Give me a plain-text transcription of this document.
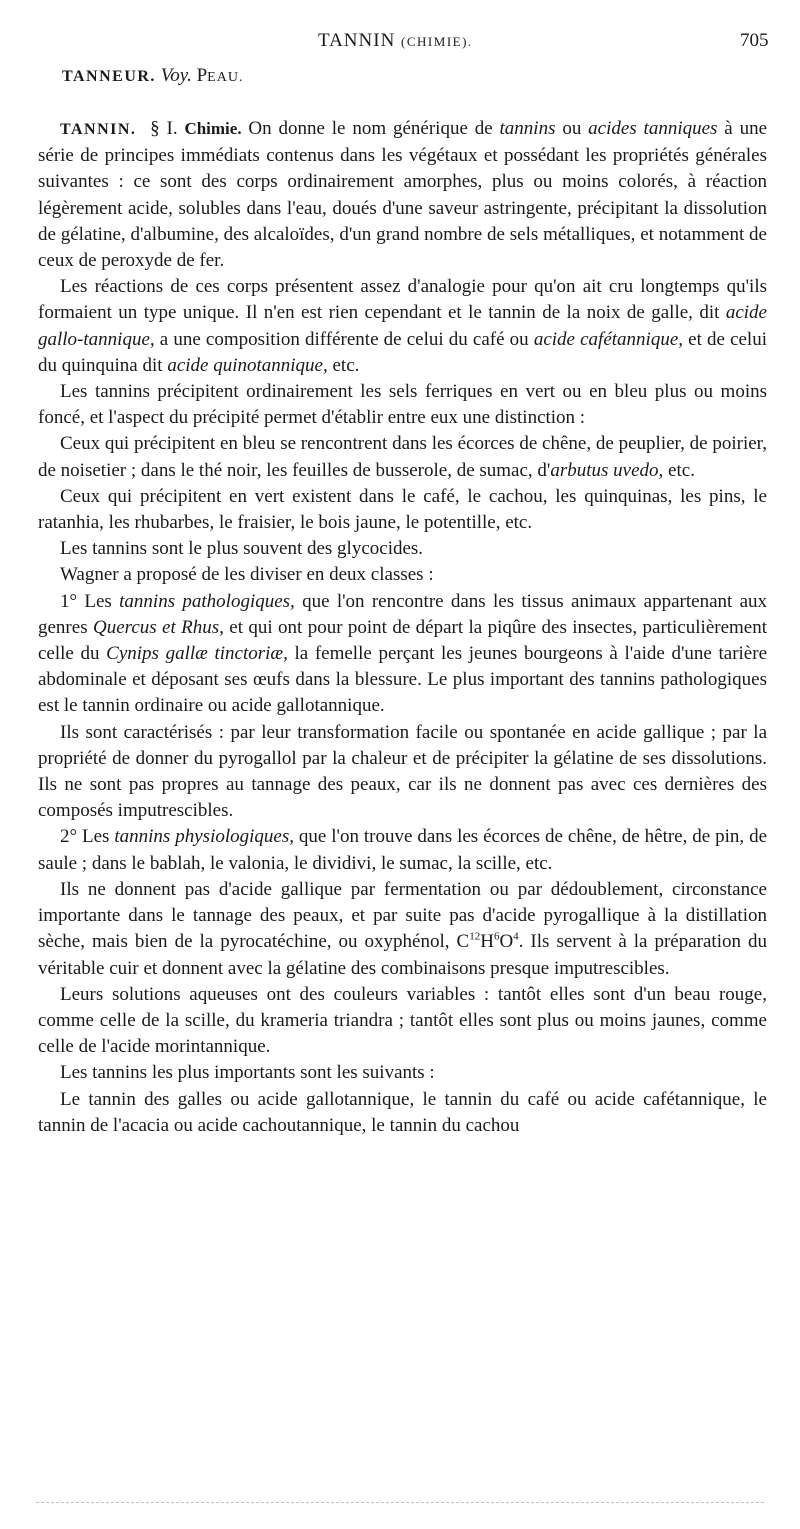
TANNIN (CHIMIE).	705
TANNEUR. Voy. PEAU.

TANNIN. § I. Chimie. On donne le nom générique de tannins ou acides tanniques à une série de principes immédiats contenus dans les végétaux et possédant les propriétés générales suivantes : ce sont des corps ordinairement amorphes, plus ou moins colorés, à réaction légèrement acide, solubles dans l'eau, doués d'une saveur astringente, précipitant la dissolution de gélatine, d'albumine, des alcaloïdes, d'un grand nombre de sels métalliques, et notamment de ceux de peroxyde de fer.

Les réactions de ces corps présentent assez d'analogie pour qu'on ait cru longtemps qu'ils formaient un type unique. Il n'en est rien cependant et le tannin de la noix de galle, dit acide gallo-tannique, a une composition différente de celui du café ou acide cafétannique, et de celui du quinquina dit acide quinotannique, etc.

Les tannins précipitent ordinairement les sels ferriques en vert ou en bleu plus ou moins foncé, et l'aspect du précipité permet d'établir entre eux une distinction :

Ceux qui précipitent en bleu se rencontrent dans les écorces de chêne, de peuplier, de poirier, de noisetier ; dans le thé noir, les feuilles de busserole, de sumac, d'arbutus uvedo, etc.

Ceux qui précipitent en vert existent dans le café, le cachou, les quinquinas, les pins, le ratanhia, les rhubarbes, le fraisier, le bois jaune, le potentille, etc.

Les tannins sont le plus souvent des glycocides.

Wagner a proposé de les diviser en deux classes :

1° Les tannins pathologiques, que l'on rencontre dans les tissus animaux appartenant aux genres Quercus et Rhus, et qui ont pour point de départ la piqûre des insectes, particulièrement celle du Cynips gallæ tinctoriæ, la femelle perçant les jeunes bourgeons à l'aide d'une tarière abdominale et déposant ses œufs dans la blessure. Le plus important des tannins pathologiques est le tannin ordinaire ou acide gallotannique.

Ils sont caractérisés : par leur transformation facile ou spontanée en acide gallique ; par la propriété de donner du pyrogallol par la chaleur et de précipiter la gélatine de ses dissolutions. Ils ne sont pas propres au tannage des peaux, car ils ne donnent pas avec ces dernières des composés imputrescibles.

2° Les tannins physiologiques, que l'on trouve dans les écorces de chêne, de hêtre, de pin, de saule ; dans le bablah, le valonia, le dividivi, le sumac, la scille, etc.

Ils ne donnent pas d'acide gallique par fermentation ou par dédoublement, circonstance importante dans le tannage des peaux, et par suite pas d'acide pyrogallique à la distillation sèche, mais bien de la pyrocatéchine, ou oxyphénol, $C^{12}H^6O^4$. Ils servent à la préparation du véritable cuir et donnent avec la gélatine des combinaisons presque imputrescibles.

Leurs solutions aqueuses ont des couleurs variables : tantôt elles sont d'un beau rouge, comme celle de la scille, du krameria triandra ; tantôt elles sont plus ou moins jaunes, comme celle de l'acide morintannique.

Les tannins les plus importants sont les suivants :

Le tannin des galles ou acide gallotannique, le tannin du café ou acide cafétannique, le tannin de l'acacia ou acide cachoutannique, le tannin du cachou
